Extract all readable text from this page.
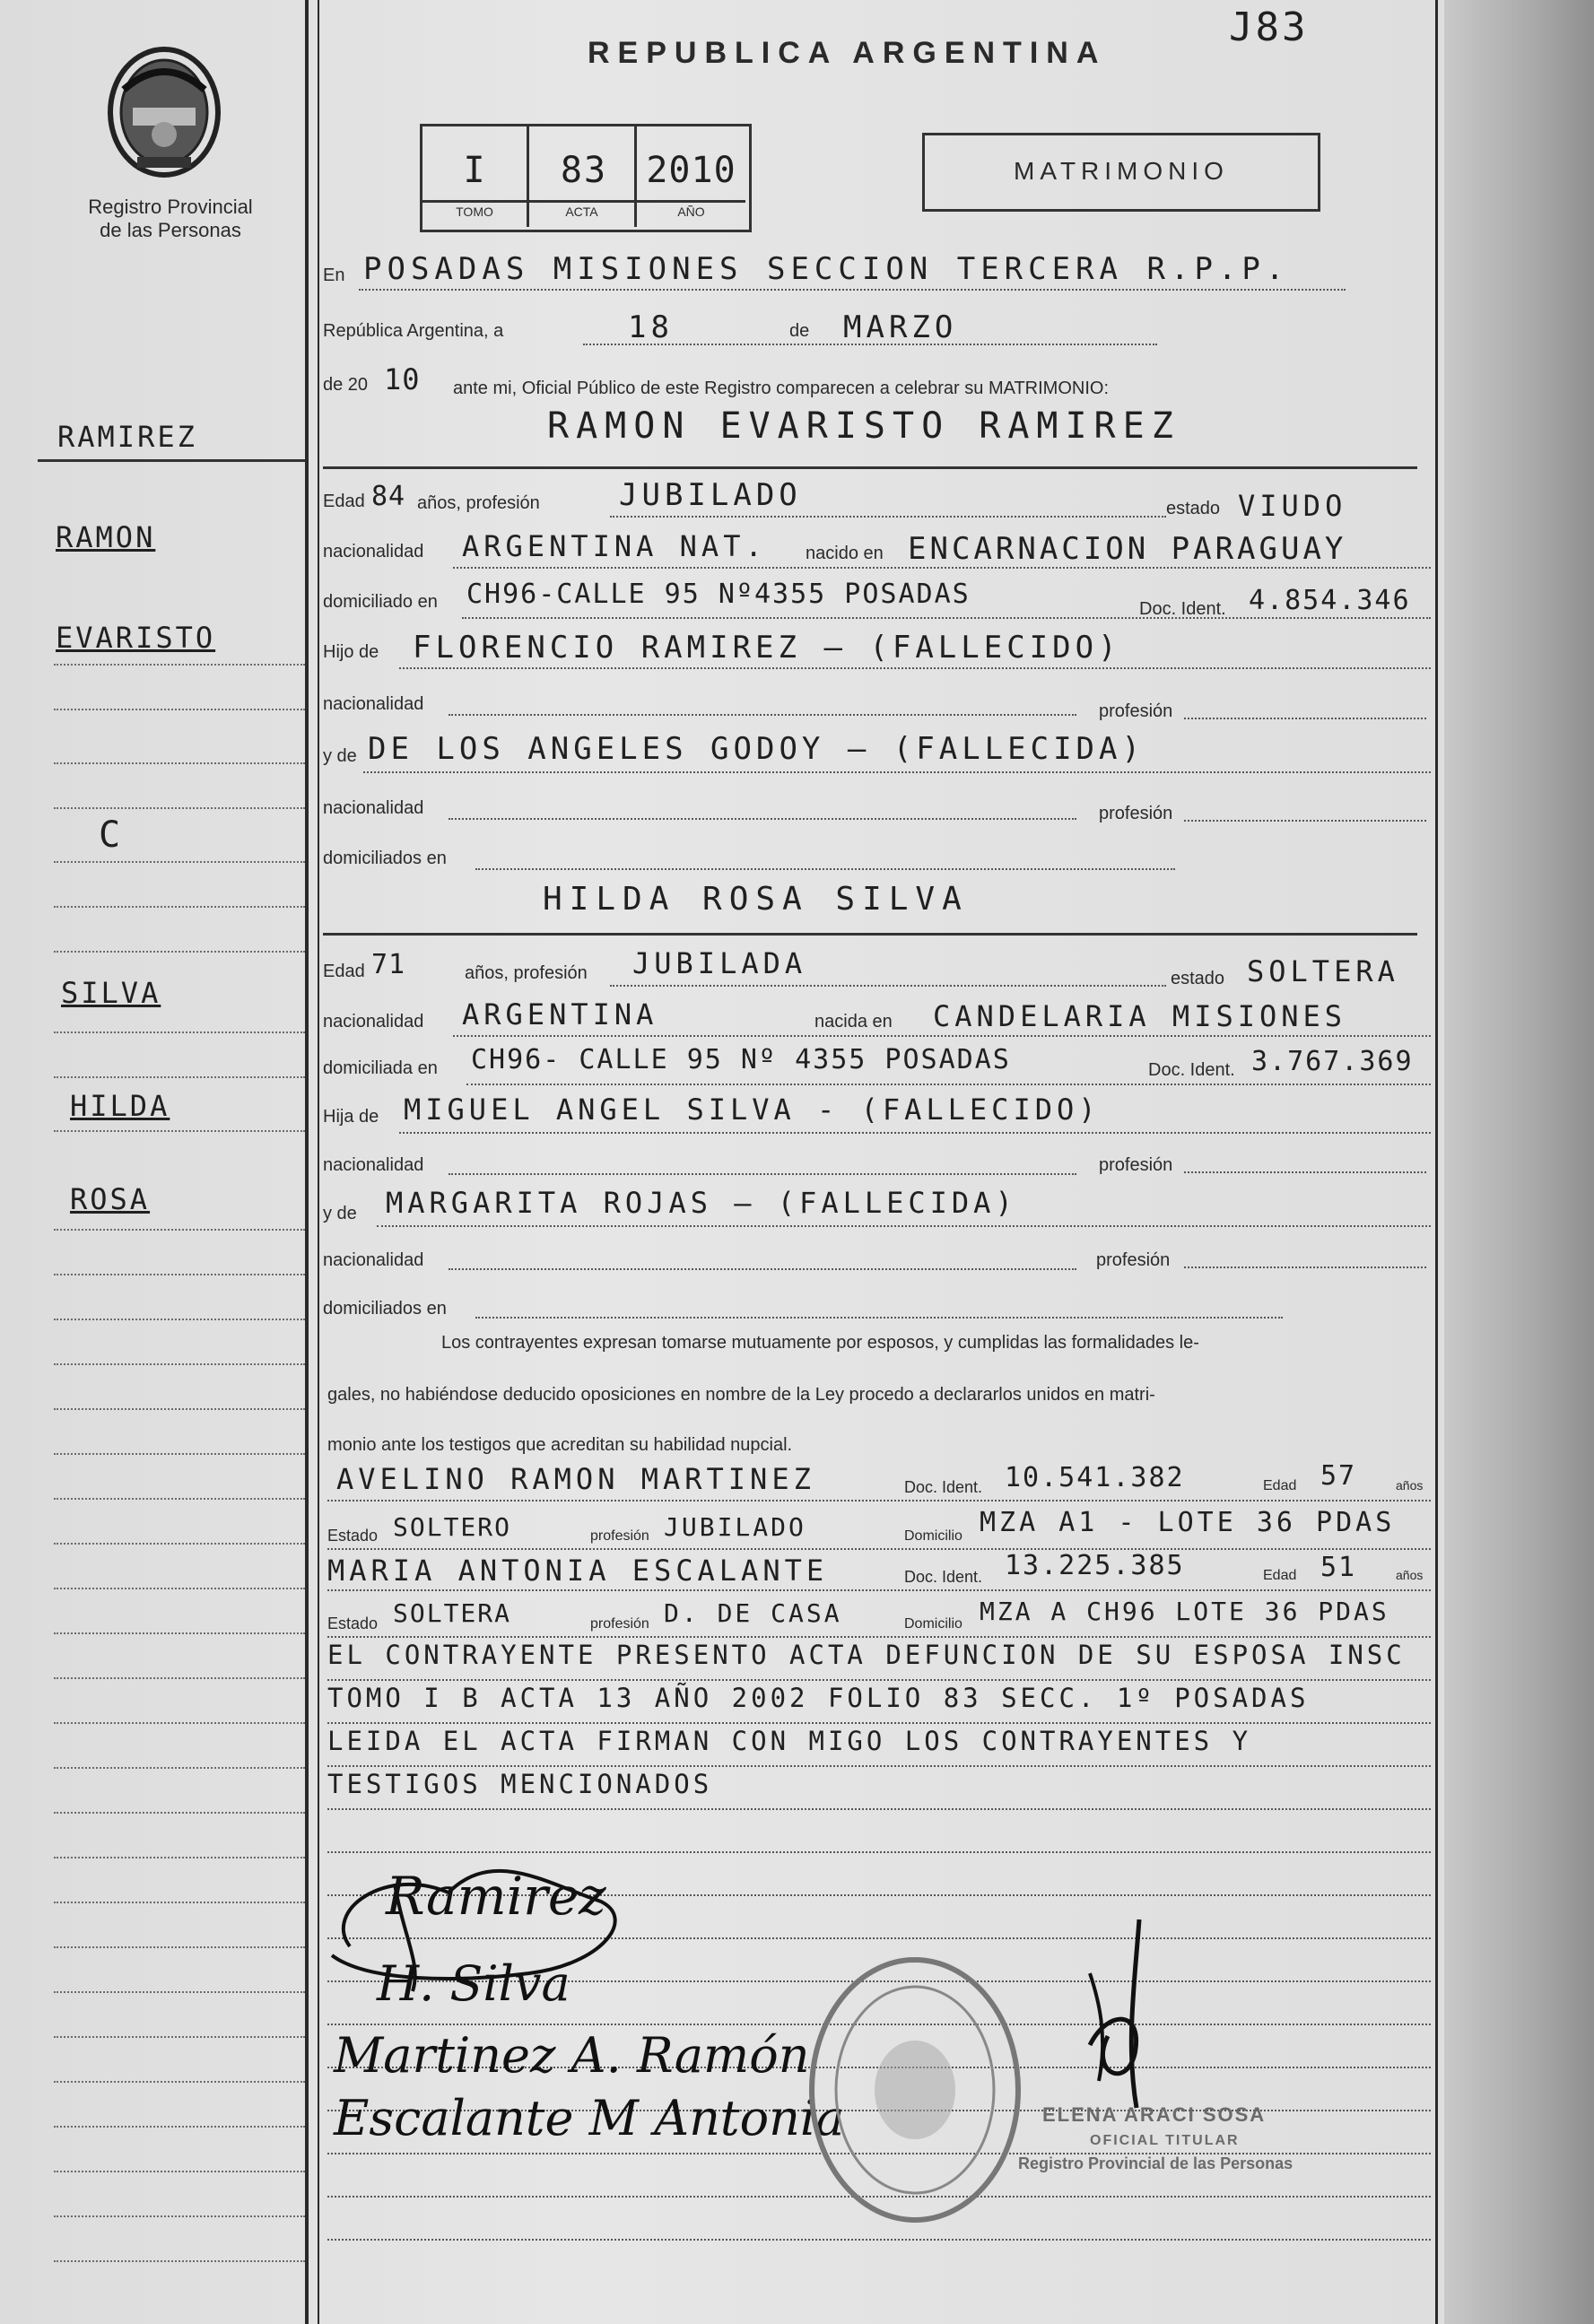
Registro Provincial
de las Personas
REPUBLICA ARGENTINA
J83
I	83	2010
TOMO	ACTA	AÑO
MATRIMONIO
En POSADAS MISIONES SECCION TERCERA R.P.P.
República Argentina, a	18	de MARZO
de 20 10 ante mi, Oficial Público de este Registro comparecen a celebrar su MATRIMONIO:
RAMON EVARISTO RAMIREZ
Edad 84 años, profesión	JUBILADO	estado VIUDO
nacionalidad ARGENTINA NAT. nacido en ENCARNACION PARAGUAY
domiciliado en CH96-CALLE 95 Nº4355 POSADAS	Doc. Ident. 4.854.346
Hijo de FLORENCIO RAMIREZ — (FALLECIDO)
nacionalidad	profesión
y de DE LOS ANGELES GODOY — (FALLECIDA)
nacionalidad	profesión
domiciliados en
HILDA ROSA SILVA
Edad 71	años, profesión JUBILADA	estado SOLTERA
nacionalidad ARGENTINA	nacida en CANDELARIA MISIONES
domiciliada en CH96- CALLE 95 Nº 4355 POSADAS	Doc. Ident. 3.767.369
Hija de MIGUEL ANGEL SILVA - (FALLECIDO)
nacionalidad	profesión
y de MARGARITA ROJAS — (FALLECIDA)
nacionalidad	profesión
domiciliados en
Los contrayentes expresan tomarse mutuamente por esposos, y cumplidas las formalidades le-
gales, no habiéndose deducido oposiciones en nombre de la Ley procedo a declararlos unidos en matri-
monio ante los testigos que acreditan su habilidad nupcial.
AVELINO RAMON MARTINEZ	Doc. Ident. 10.541.382	Edad 57	años
Estado SOLTERO	profesión JUBILADO	Domicilio MZA A1 - LOTE 36 PDAS
MARIA ANTONIA ESCALANTE	Doc. Ident. 13.225.385	Edad 51	años
Estado SOLTERA	profesión D. DE CASA	Domicilio MZA A CH96 LOTE 36 PDAS
EL CONTRAYENTE PRESENTO ACTA DEFUNCION DE SU ESPOSA INSC
TOMO I B ACTA 13 AÑO 2002 FOLIO 83 SECC. 1º POSADAS
LEIDA EL ACTA FIRMAN CON MIGO LOS CONTRAYENTES Y
TESTIGOS MENCIONADOS
Ramirez
H. Silva
Martinez A. Ramón
Escalante M Antonia	ELENA ARACI SOSA
OFICIAL TITULAR
Registro Provincial de las Personas
RAMIREZ
RAMON
EVARISTO
C
SILVA
HILDA
ROSA
